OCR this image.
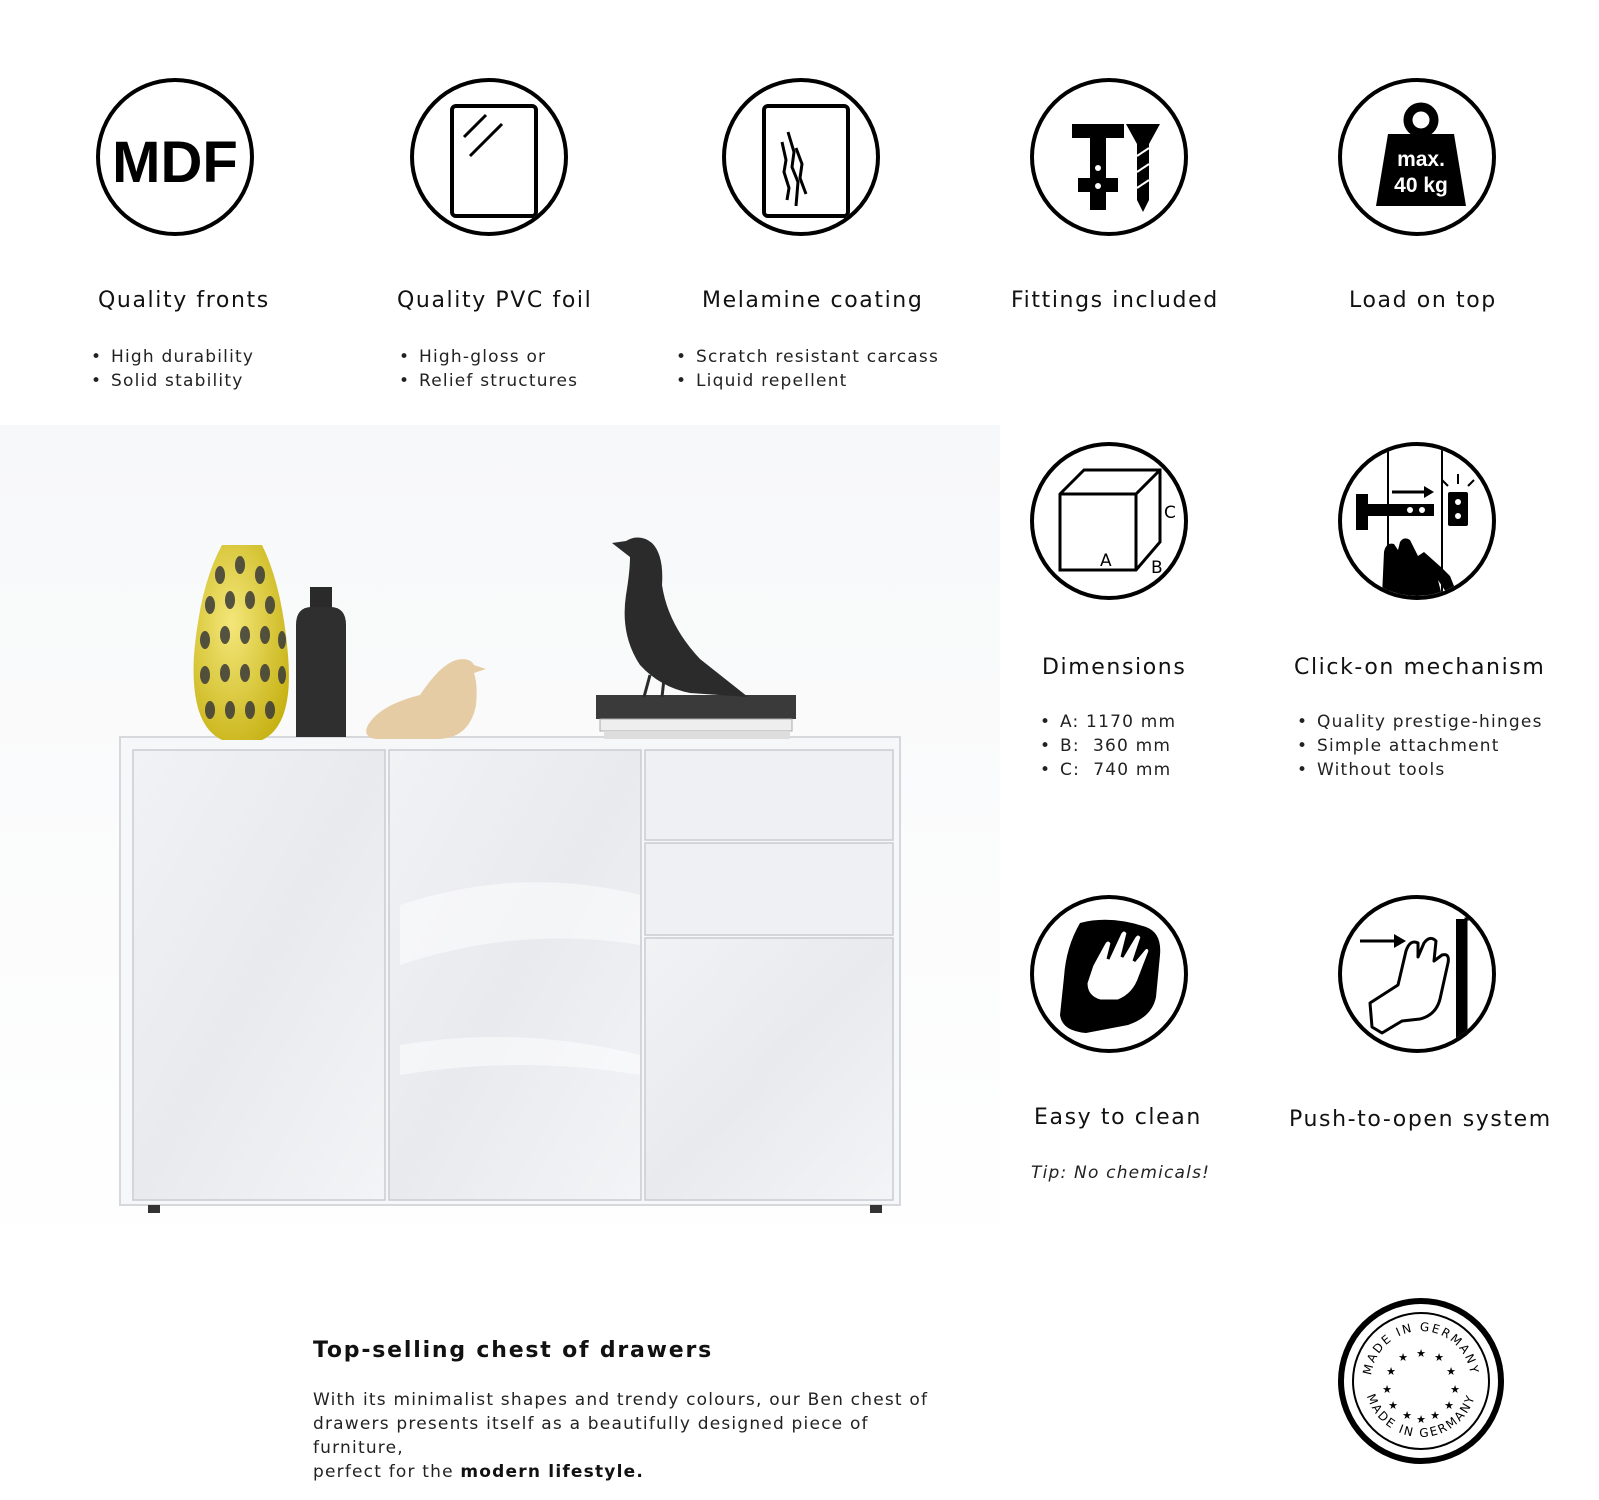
MDF
Quality fronts
• High durability
• Solid stability
Quality PVC foil
• High-gloss or
• Relief structures
Melamine coating
• Scratch resistant carcass
• Liquid repellent
Fittings included
max.
40 kg
Load on top
A B
C
Dimensions
• A: 1170 mm
• B:  360 mm
• C:  740 mm
Click-on mechanism
• Quality prestige-hinges
• Simple attachment
• Without tools
Easy to clean
Tip: No chemicals!
Push-to-open system
Top-selling chest of drawers
With its minimalist shapes and trendy colours, our Ben chest of
drawers presents itself as a beautifully designed piece of furniture,
perfect for the modern lifestyle.
MADE IN GERMANY
MADE IN GERMANY
★ ★
★
★
★
★
★
★
★
★
★
★
